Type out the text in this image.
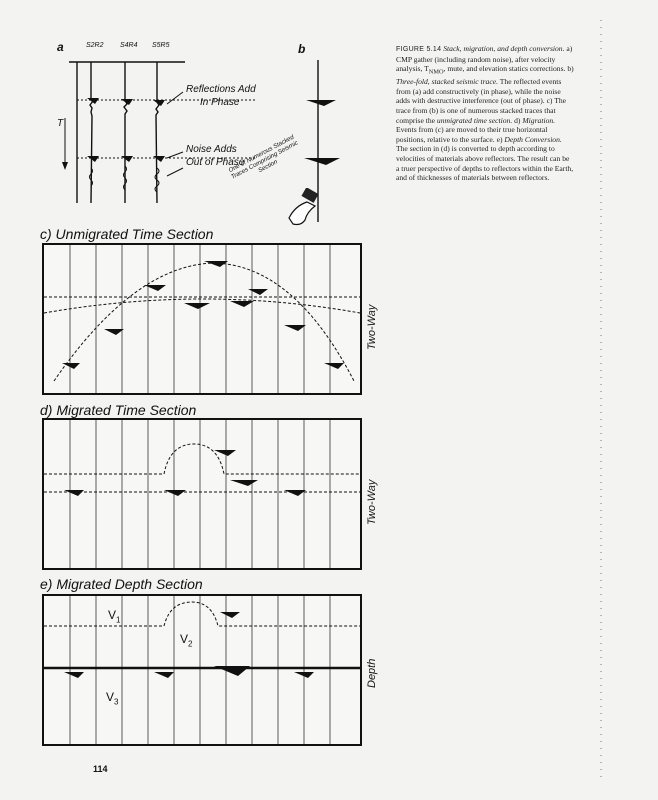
a	S2R2 S4R4 S5R5
T
Reflections Add
In Phase
Noise Adds
Out of Phase
b
One of Numerous Stacked Traces Comprising Seismic Section
FIGURE 5.14 Stack, migration, and depth conversion. a) CMP gather (including random noise), after velocity analysis, $T_{NMO}$, mute, and elevation statics corrections. b) Three-fold, stacked seismic trace. The reflected events from (a) add constructively (in phase), while the noise adds with destructive interference (out of phase). c) The trace from (b) is one of numerous stacked traces that comprise the unmigrated time section. d) Migration. Events from (c) are moved to their true horizontal positions, relative to the surface. e) Depth Conversion. The section in (d) is converted to depth according to velocities of materials above reflectors. The result can be a truer perspective of depths to reflectors within the Earth, and of thicknesses of materials between reflectors.
c) Unmigrated Time Section
Two-Way
d) Migrated Time Section
Two-Way
e) Migrated Depth Section
$V_1$
$V_2$
$V_3$
Depth
114
